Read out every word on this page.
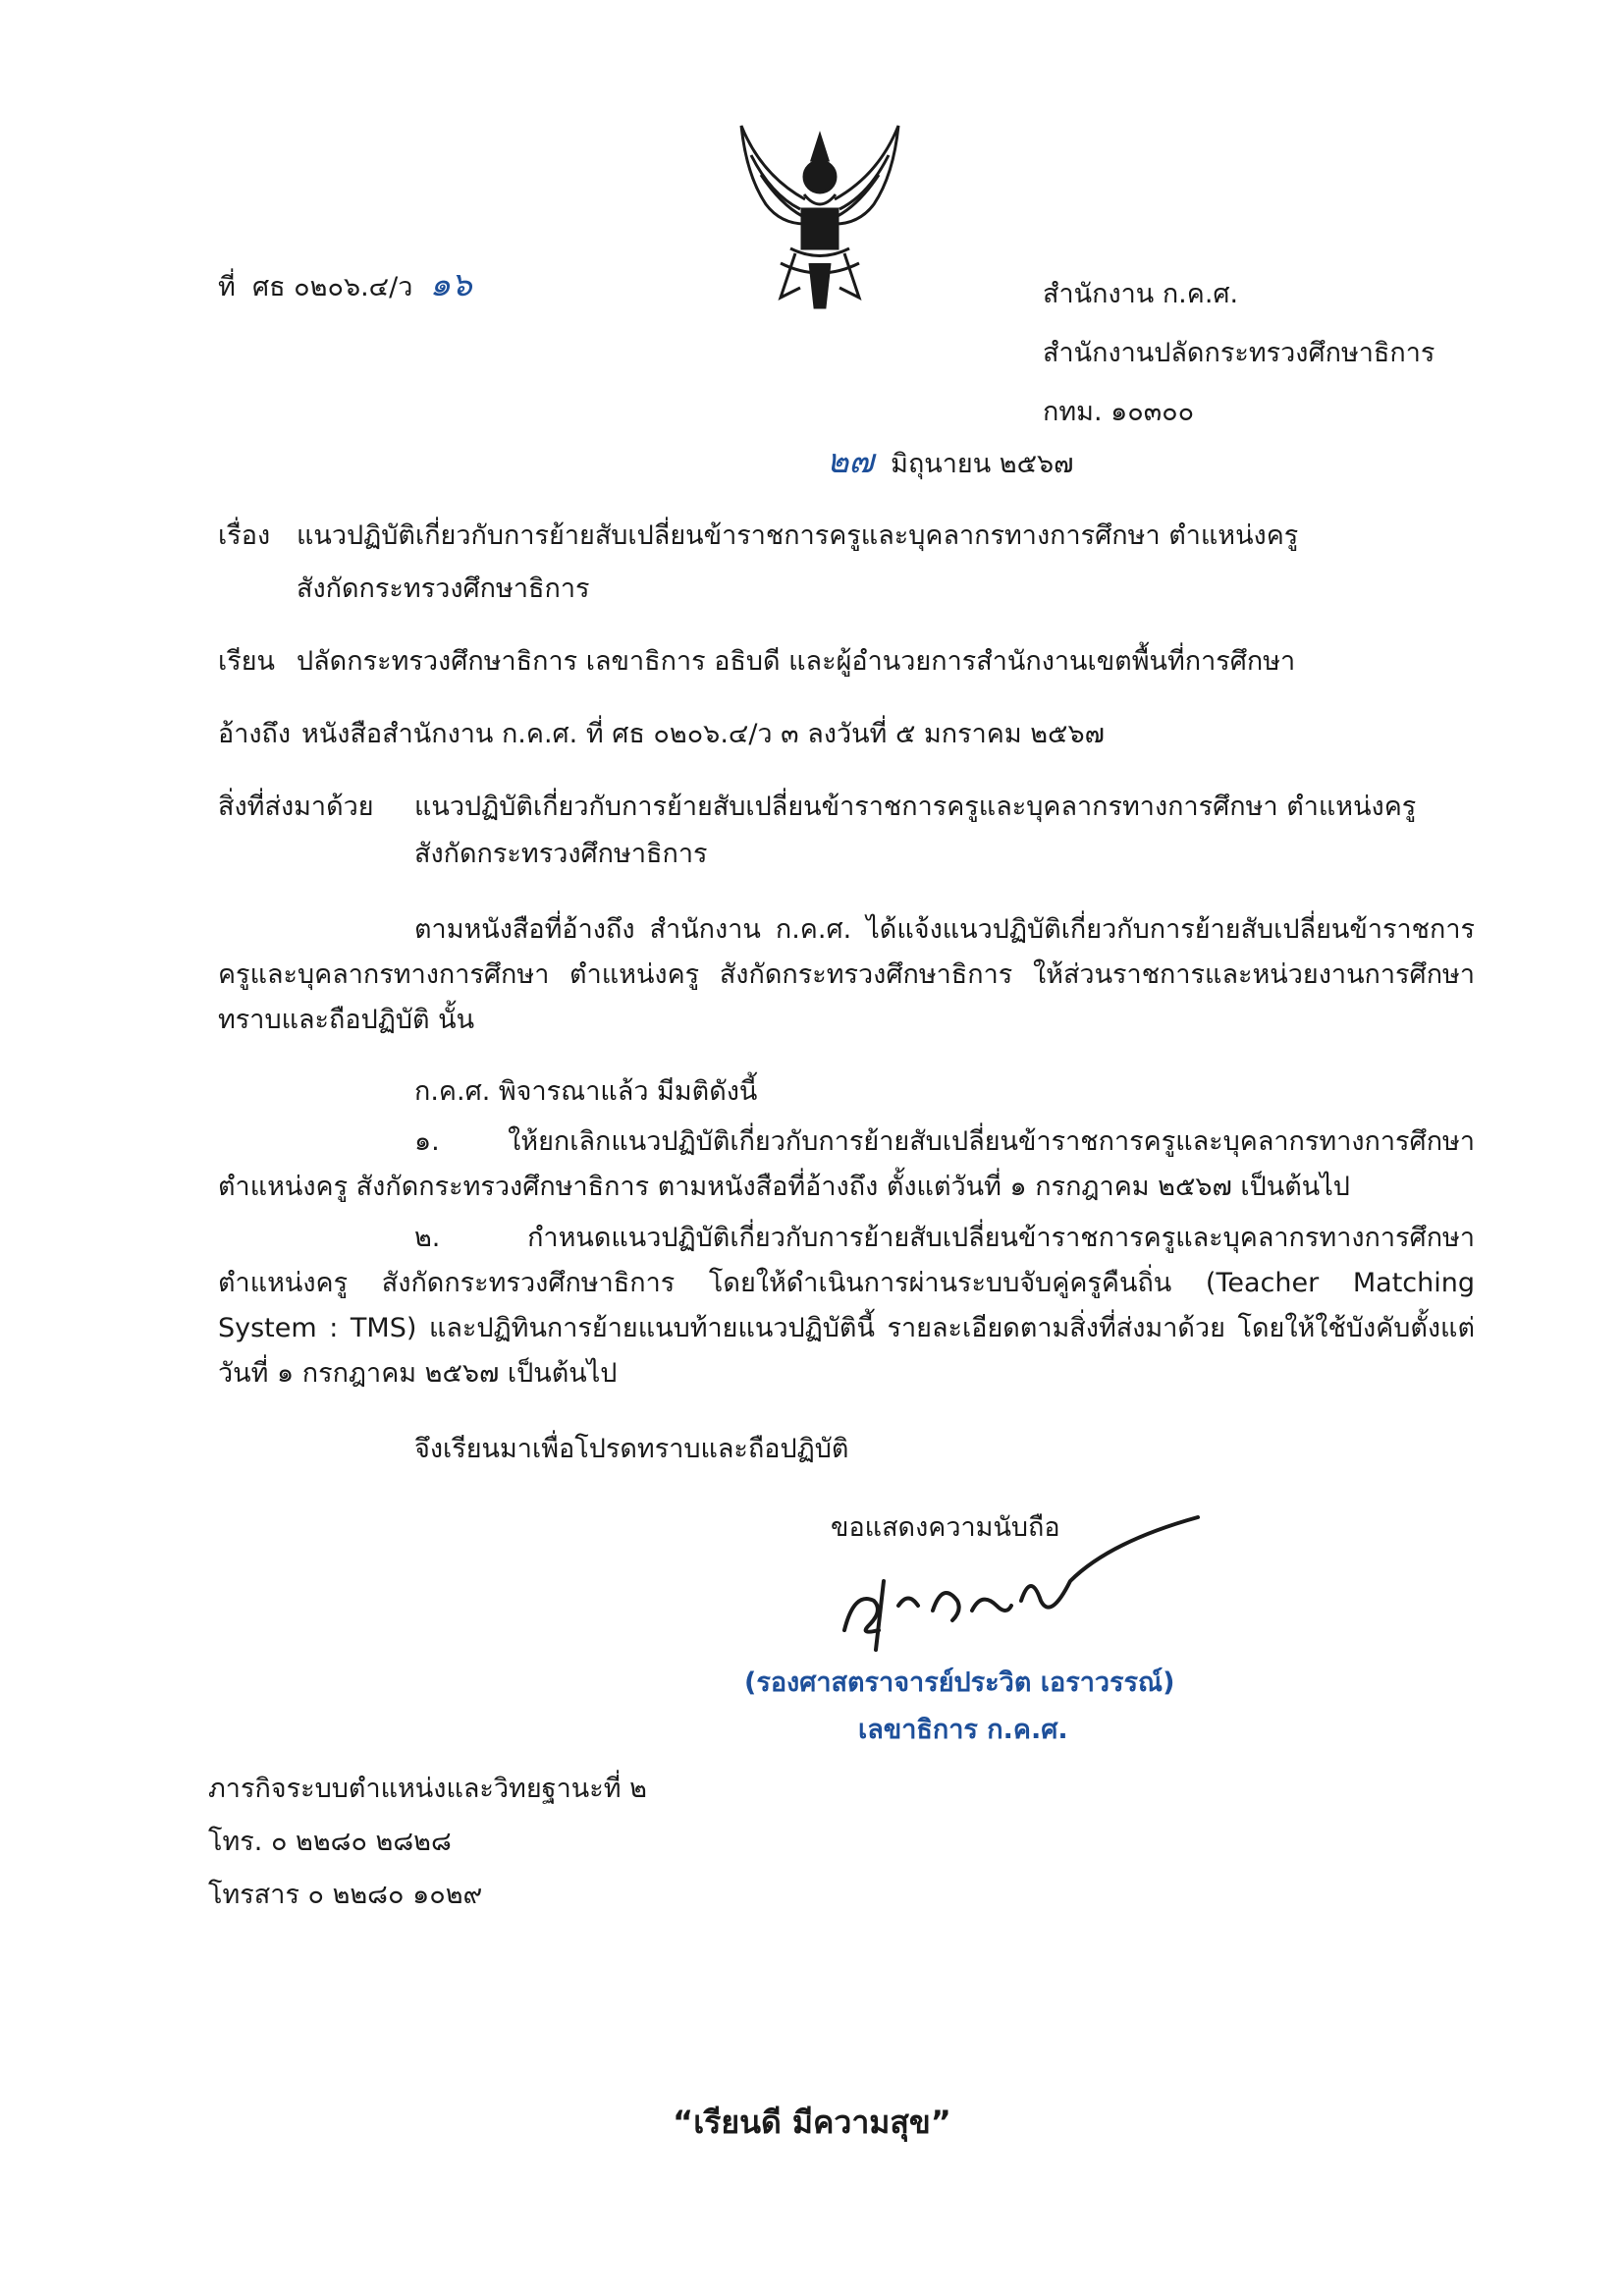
ที่ ศธ ๐๒๐๖.๔/ว ๑๖	สำนักงาน ก.ค.ศ.
สำนักงานปลัดกระทรวงศึกษาธิการ
กทม. ๑๐๓๐๐
๒๗ มิถุนายน ๒๕๖๗
เรื่อง แนวปฏิบัติเกี่ยวกับการย้ายสับเปลี่ยนข้าราชการครูและบุคลากรทางการศึกษา ตำแหน่งครู
สังกัดกระทรวงศึกษาธิการ
เรียน ปลัดกระทรวงศึกษาธิการ เลขาธิการ อธิบดี และผู้อำนวยการสำนักงานเขตพื้นที่การศึกษา
อ้างถึง หนังสือสำนักงาน ก.ค.ศ. ที่ ศธ ๐๒๐๖.๔/ว ๓ ลงวันที่ ๕ มกราคม ๒๕๖๗
สิ่งที่ส่งมาด้วย แนวปฏิบัติเกี่ยวกับการย้ายสับเปลี่ยนข้าราชการครูและบุคลากรทางการศึกษา ตำแหน่งครู
สังกัดกระทรวงศึกษาธิการ
ตามหนังสือที่อ้างถึง สำนักงาน ก.ค.ศ. ได้แจ้งแนวปฏิบัติเกี่ยวกับการย้ายสับเปลี่ยนข้าราชการครูและบุคลากรทางการศึกษา ตำแหน่งครู สังกัดกระทรวงศึกษาธิการ ให้ส่วนราชการและหน่วยงานการศึกษาทราบและถือปฏิบัติ นั้น
ก.ค.ศ. พิจารณาแล้ว มีมติดังนี้
๑. ให้ยกเลิกแนวปฏิบัติเกี่ยวกับการย้ายสับเปลี่ยนข้าราชการครูและบุคลากรทางการศึกษา ตำแหน่งครู สังกัดกระทรวงศึกษาธิการ ตามหนังสือที่อ้างถึง ตั้งแต่วันที่ ๑ กรกฎาคม ๒๕๖๗ เป็นต้นไป
๒. กำหนดแนวปฏิบัติเกี่ยวกับการย้ายสับเปลี่ยนข้าราชการครูและบุคลากรทางการศึกษา ตำแหน่งครู สังกัดกระทรวงศึกษาธิการ โดยให้ดำเนินการผ่านระบบจับคู่ครูคืนถิ่น (Teacher Matching System : TMS) และปฏิทินการย้ายแนบท้ายแนวปฏิบัตินี้ รายละเอียดตามสิ่งที่ส่งมาด้วย โดยให้ใช้บังคับตั้งแต่วันที่ ๑ กรกฎาคม ๒๕๖๗ เป็นต้นไป
จึงเรียนมาเพื่อโปรดทราบและถือปฏิบัติ
ขอแสดงความนับถือ
(รองศาสตราจารย์ประวิต เอราวรรณ์)
เลขาธิการ ก.ค.ศ.
ภารกิจระบบตำแหน่งและวิทยฐานะที่ ๒
โทร. ๐ ๒๒๘๐ ๒๘๒๘
โทรสาร ๐ ๒๒๘๐ ๑๐๒๙
“เรียนดี มีความสุข”
